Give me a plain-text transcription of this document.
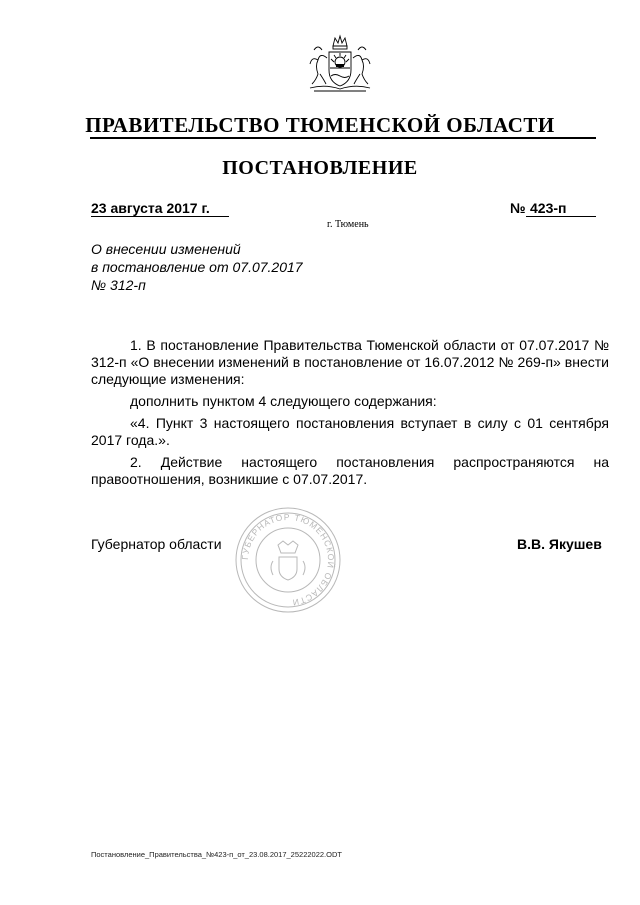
ПРАВИТЕЛЬСТВО ТЮМЕНСКОЙ ОБЛАСТИ
ПОСТАНОВЛЕНИЕ
23 августа 2017 г.	№ 423-п
г. Тюмень
О внесении изменений
в постановление от 07.07.2017
№ 312-п
1. В постановление Правительства Тюменской области от 07.07.2017 № 312-п «О внесении изменений в постановление от 16.07.2012 № 269-п» внести следующие изменения:
дополнить пунктом 4 следующего содержания:
«4. Пункт 3 настоящего постановления вступает в силу с 01 сентября 2017 года.».
2. Действие настоящего постановления распространяются на правоотношения, возникшие с 07.07.2017.
ГУБЕРНАТОР ТЮМЕНСКОЙ ОБЛАСТИ
Губернатор области	В.В. Якушев
Постановление_Правительства_№423-п_от_23.08.2017_25222022.ODT
